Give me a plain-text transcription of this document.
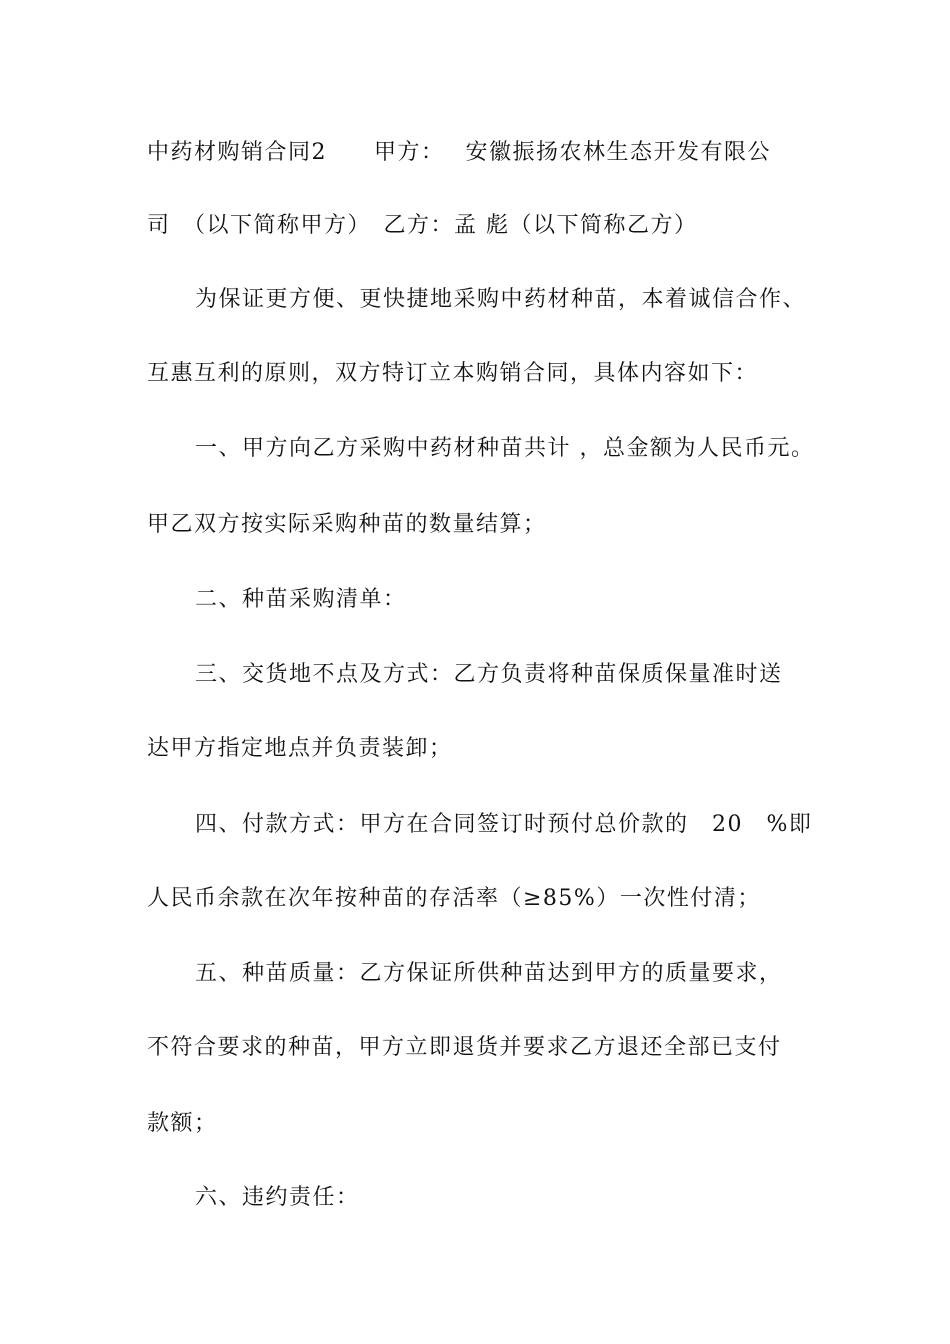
中药材购销合同2　　甲方：　 安徽振扬农林生态开发有限公
司　（以下简称甲方）　乙方：孟 彪（以下简称乙方）
为保证更方便、更快捷地采购中药材种苗，本着诚信合作、
互惠互利的原则，双方特订立本购销合同，具体内容如下：
一、甲方向乙方采购中药材种苗共计 ，总金额为人民币元。
甲乙双方按实际采购种苗的数量结算；
二、种苗采购清单：
三、交货地不点及方式：乙方负责将种苗保质保量准时送
达甲方指定地点并负责装卸；
四、付款方式：甲方在合同签订时预付总价款的　20　%即
人民币余款在次年按种苗的存活率（≥85%）一次性付清；
五、种苗质量：乙方保证所供种苗达到甲方的质量要求，
不符合要求的种苗，甲方立即退货并要求乙方退还全部已支付
款额；
六、违约责任：
